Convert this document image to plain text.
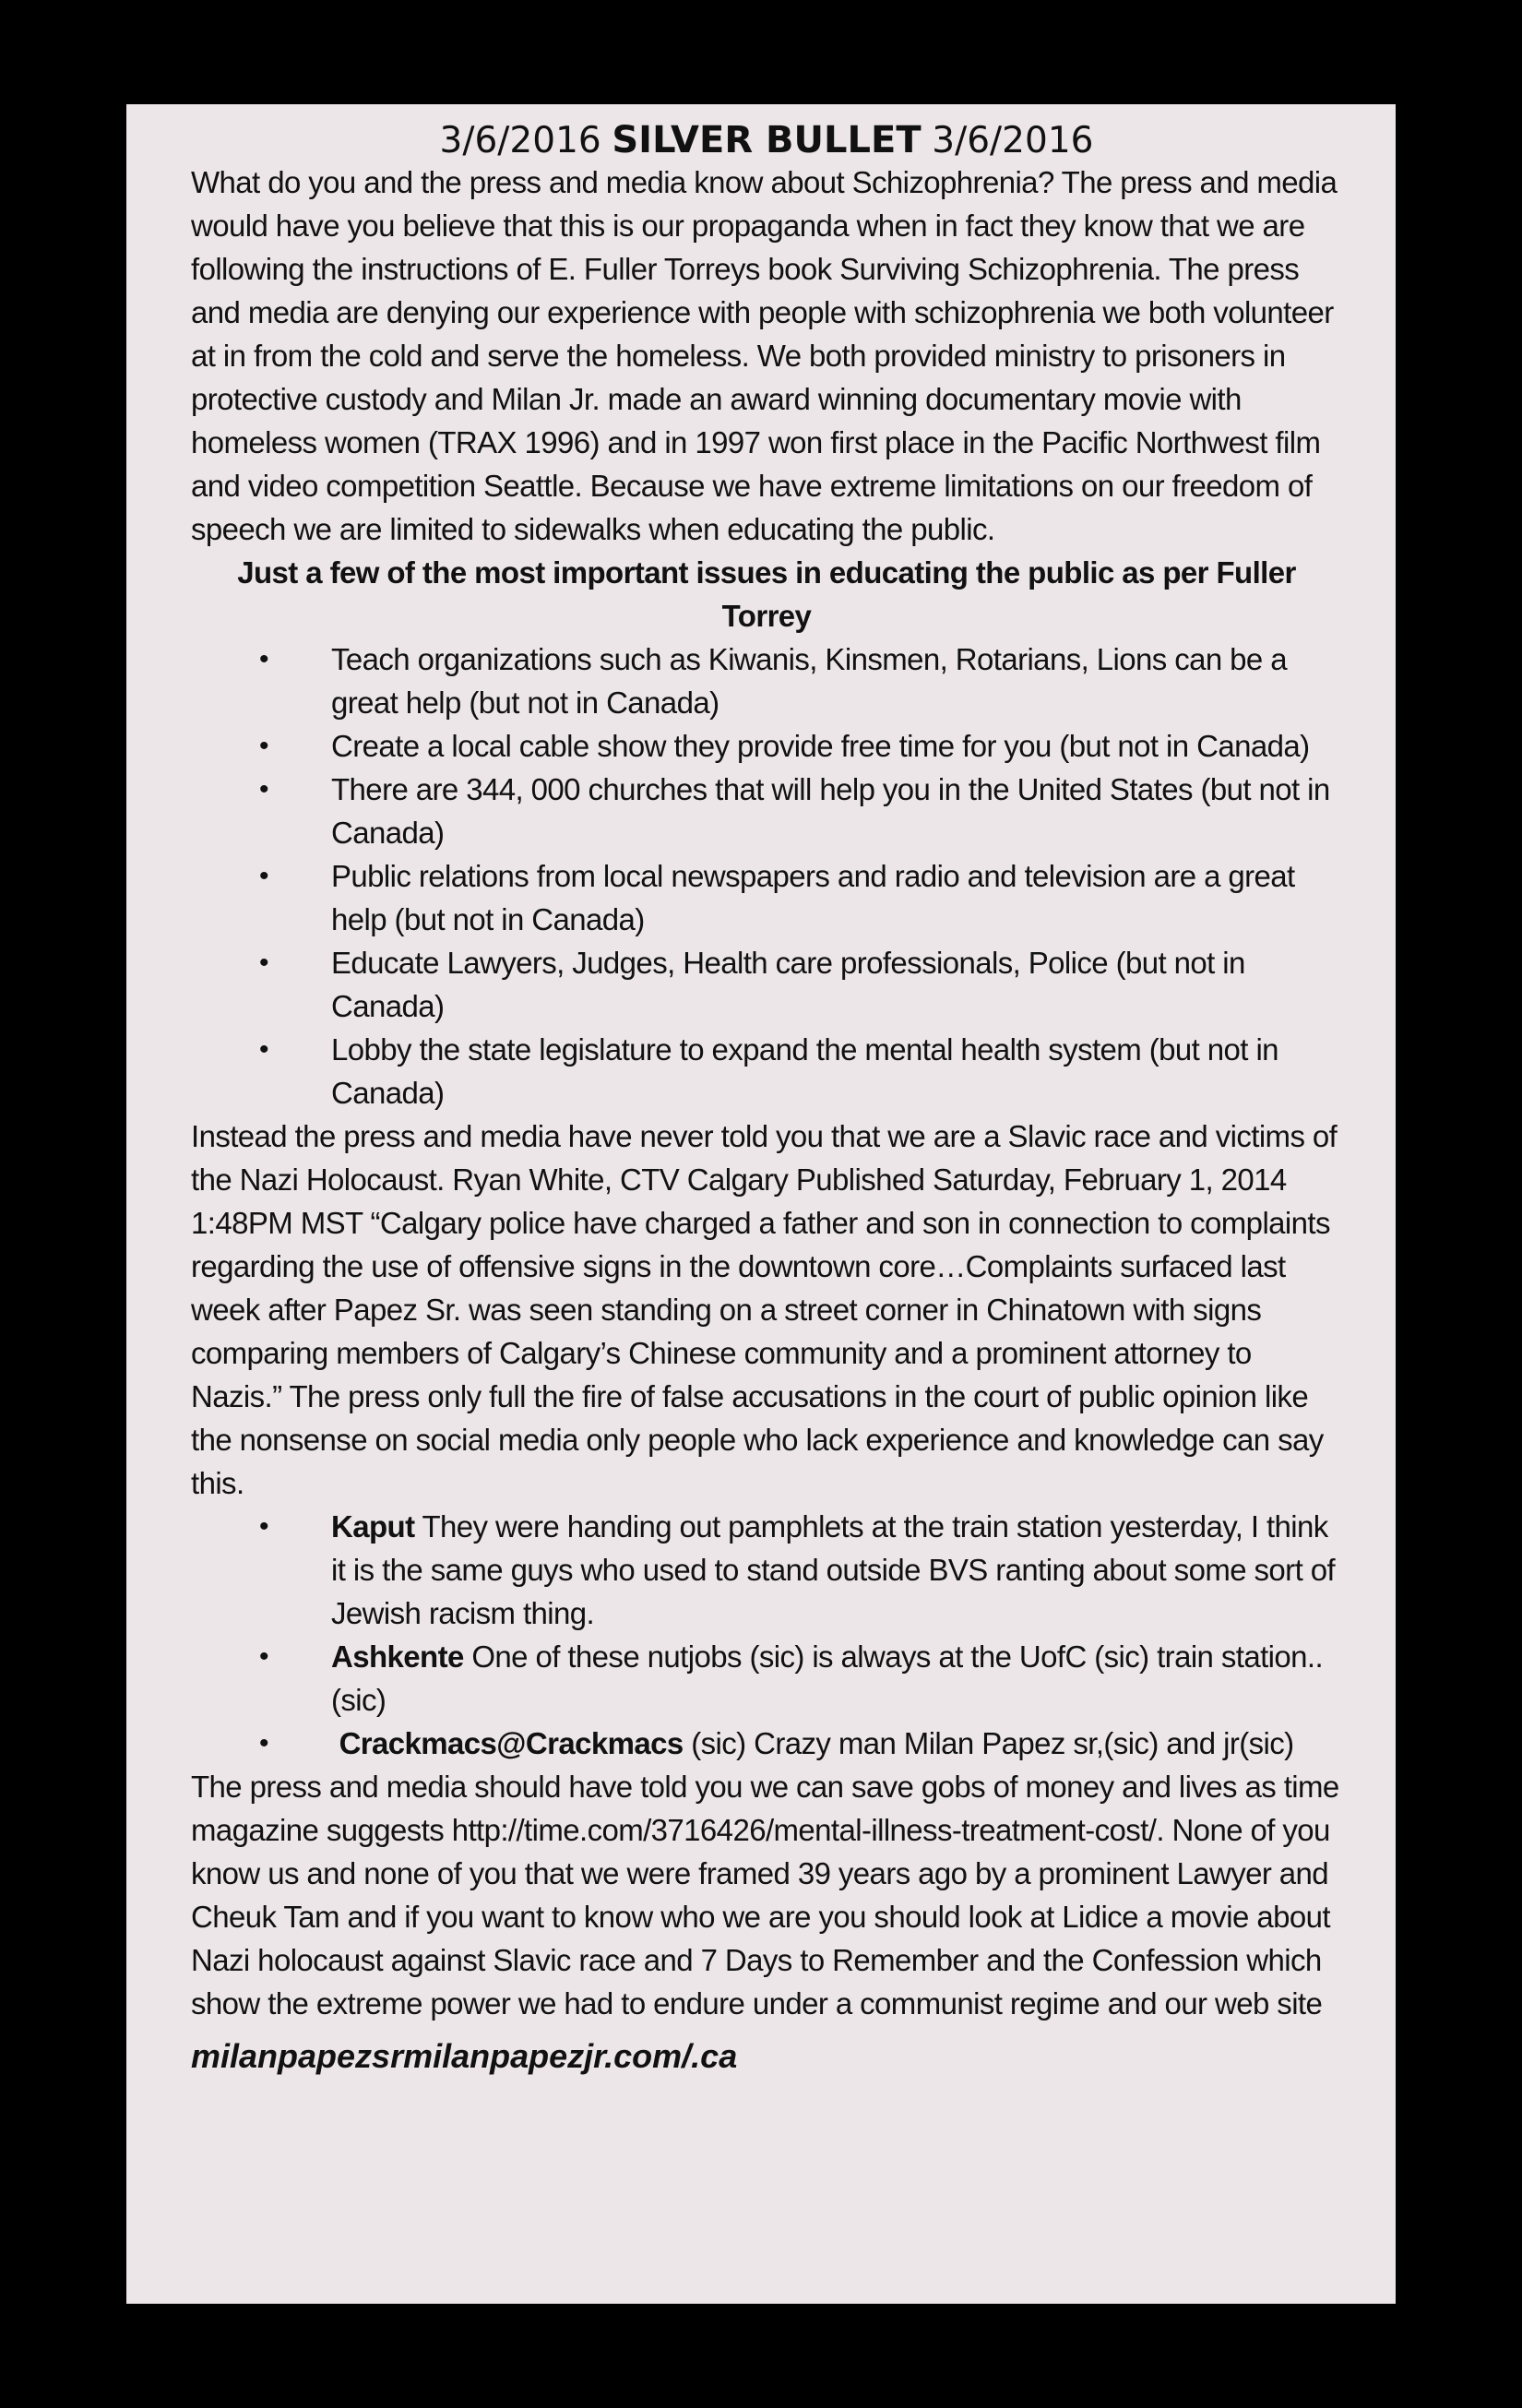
3/6/2016 SILVER BULLET 3/6/2016

What do you and the press and media know about Schizophrenia? The press and media would have you believe that this is our propaganda when in fact they know that we are following the instructions of E. Fuller Torreys book Surviving Schizophrenia. The press and media are denying our experience with people with schizophrenia we both volunteer at in from the cold and serve the homeless. We both provided ministry to prisoners in protective custody and Milan Jr. made an award winning documentary movie with homeless women (TRAX 1996) and in 1997 won first place in the Pacific Northwest film and video competition Seattle. Because we have extreme limitations on our freedom of speech we are limited to sidewalks when educating the public.

Just a few of the most important issues in educating the public as per Fuller Torrey

• Teach organizations such as Kiwanis, Kinsmen, Rotarians, Lions can be a great help (but not in Canada)
• Create a local cable show they provide free time for you (but not in Canada)
• There are 344, 000 churches that will help you in the United States (but not in Canada)
• Public relations from local newspapers and radio and television are a great help (but not in Canada)
• Educate Lawyers, Judges, Health care professionals, Police (but not in Canada)
• Lobby the state legislature to expand the mental health system (but not in Canada)

Instead the press and media have never told you that we are a Slavic race and victims of the Nazi Holocaust. Ryan White, CTV Calgary Published Saturday, February 1, 2014 1:48PM MST “Calgary police have charged a father and son in connection to complaints regarding the use of offensive signs in the downtown core…Complaints surfaced last week after Papez Sr. was seen standing on a street corner in Chinatown with signs comparing members of Calgary’s Chinese community and a prominent attorney to Nazis.” The press only full the fire of false accusations in the court of public opinion like the nonsense on social media only people who lack experience and knowledge can say this.

• Kaput They were handing out pamphlets at the train station yesterday, I think it is the same guys who used to stand outside BVS ranting about some sort of Jewish racism thing.
• Ashkente One of these nutjobs (sic) is always at the UofC (sic) train station.. (sic)
• Crackmacs@Crackmacs (sic) Crazy man Milan Papez sr,(sic) and jr(sic)

The press and media should have told you we can save gobs of money and lives as time magazine suggests http://time.com/3716426/mental-illness-treatment-cost/. None of you know us and none of you that we were framed 39 years ago by a prominent Lawyer and Cheuk Tam and if you want to know who we are you should look at Lidice a movie about Nazi holocaust against Slavic race and 7 Days to Remember and the Confession which show the extreme power we had to endure under a communist regime and our web site

milanpapezsrmilanpapezjr.com/.ca
